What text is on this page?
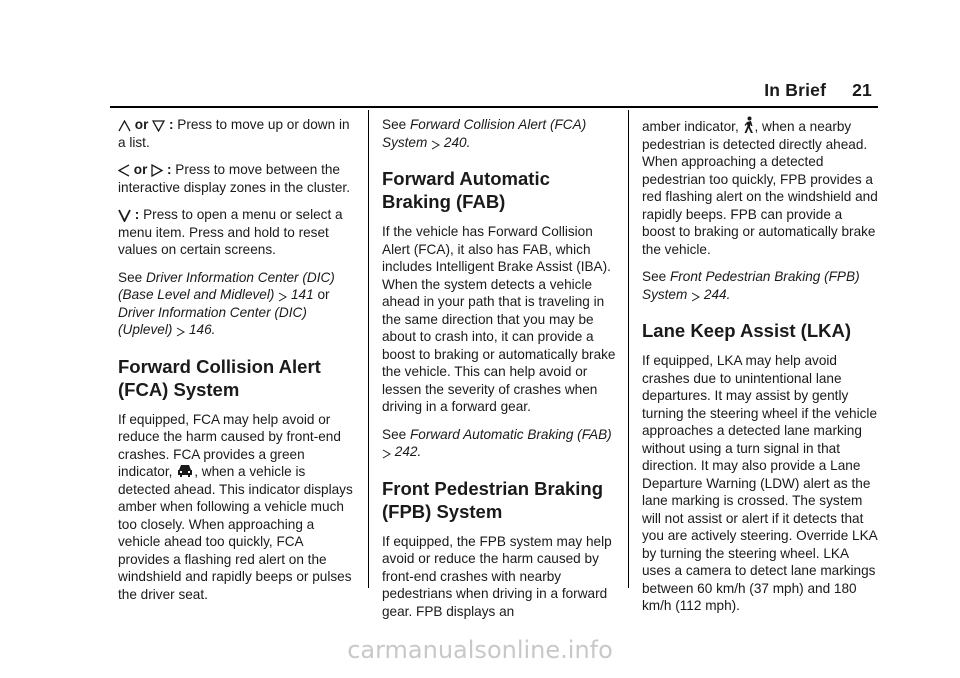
In Brief 21

or : Press to move up or down in a list.

or : Press to move between the interactive display zones in the cluster.

: Press to open a menu or select a menu item. Press and hold to reset values on certain screens.

See Driver Information Center (DIC) (Base Level and Midlevel) 141 or Driver Information Center (DIC) (Uplevel) 146.

Forward Collision Alert (FCA) System

If equipped, FCA may help avoid or reduce the harm caused by front-end crashes. FCA provides a green indicator, , when a vehicle is detected ahead. This indicator displays amber when following a vehicle much too closely. When approaching a vehicle ahead too quickly, FCA provides a flashing red alert on the windshield and rapidly beeps or pulses the driver seat.

See Forward Collision Alert (FCA) System 240.

Forward Automatic Braking (FAB)

If the vehicle has Forward Collision Alert (FCA), it also has FAB, which includes Intelligent Brake Assist (IBA). When the system detects a vehicle ahead in your path that is traveling in the same direction that you may be about to crash into, it can provide a boost to braking or automatically brake the vehicle. This can help avoid or lessen the severity of crashes when driving in a forward gear.

See Forward Automatic Braking (FAB)  242.

Front Pedestrian Braking (FPB) System

If equipped, the FPB system may help avoid or reduce the harm caused by front-end crashes with nearby pedestrians when driving in a forward gear. FPB displays an

amber indicator, , when a nearby pedestrian is detected directly ahead. When approaching a detected pedestrian too quickly, FPB provides a red flashing alert on the windshield and rapidly beeps. FPB can provide a boost to braking or automatically brake the vehicle.

See Front Pedestrian Braking (FPB) System 244.

Lane Keep Assist (LKA)

If equipped, LKA may help avoid crashes due to unintentional lane departures. It may assist by gently turning the steering wheel if the vehicle approaches a detected lane marking without using a turn signal in that direction. It may also provide a Lane Departure Warning (LDW) alert as the lane marking is crossed. The system will not assist or alert if it detects that you are actively steering. Override LKA by turning the steering wheel. LKA uses a camera to detect lane markings between 60 km/h (37 mph) and 180 km/h (112 mph).

carmanualsonline.info
